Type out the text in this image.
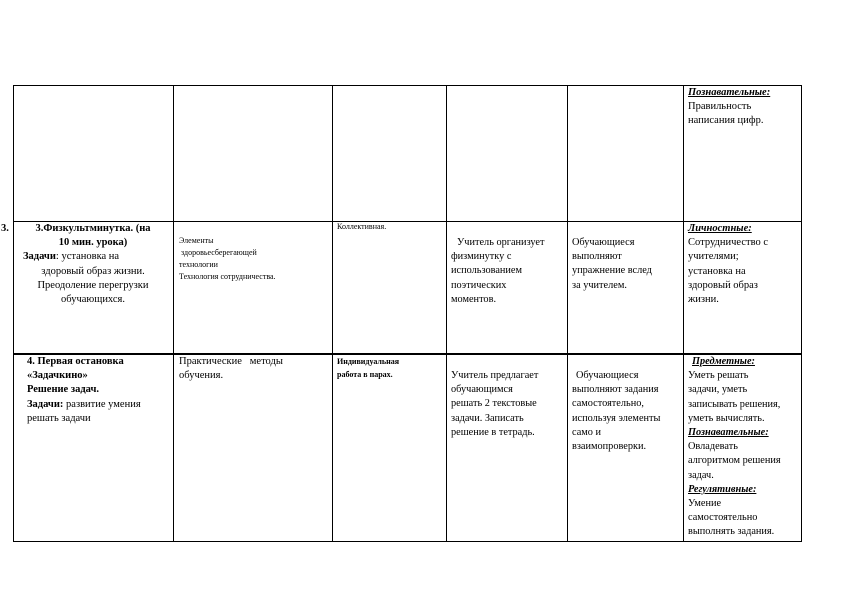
Познавательные:
Правильность
написания цифр.
3.	3.Физкультминутка. (на
10 мин. урока)
Задачи: установка на
здоровый образ жизни.
Преодоление перегрузки
обучающихся.
Элементы
здоровьесберегающей
технологии
Технология сотрудничества.
Коллективная.
Учитель организует
физминутку с
использованием
поэтических
моментов.
Обучающиеся
выполняют
упражнение вслед
за учителем.
Личностные:
Сотрудничество с
учителями;
установка на
здоровый образ
жизни.
4. Первая остановка
«Задачкино»
Решение задач.
Задачи: развитие умения
решать задачи
Практические   методы
обучения.
Индивидуальная
работа в парах.	Учитель предлагает
обучающимся
решать 2 текстовые
задачи. Записать
решение в тетрадь.
Обучающиеся
выполняют задания
самостоятельно,
используя элементы
само и
взаимопроверки.
Предметные:
Уметь решать
задачи, уметь
записывать решения,
уметь вычислять.
Познавательные:
Овладевать
алгоритмом решения
задач.
Регулятивные:
Умение
самостоятельно
выполнять задания.
